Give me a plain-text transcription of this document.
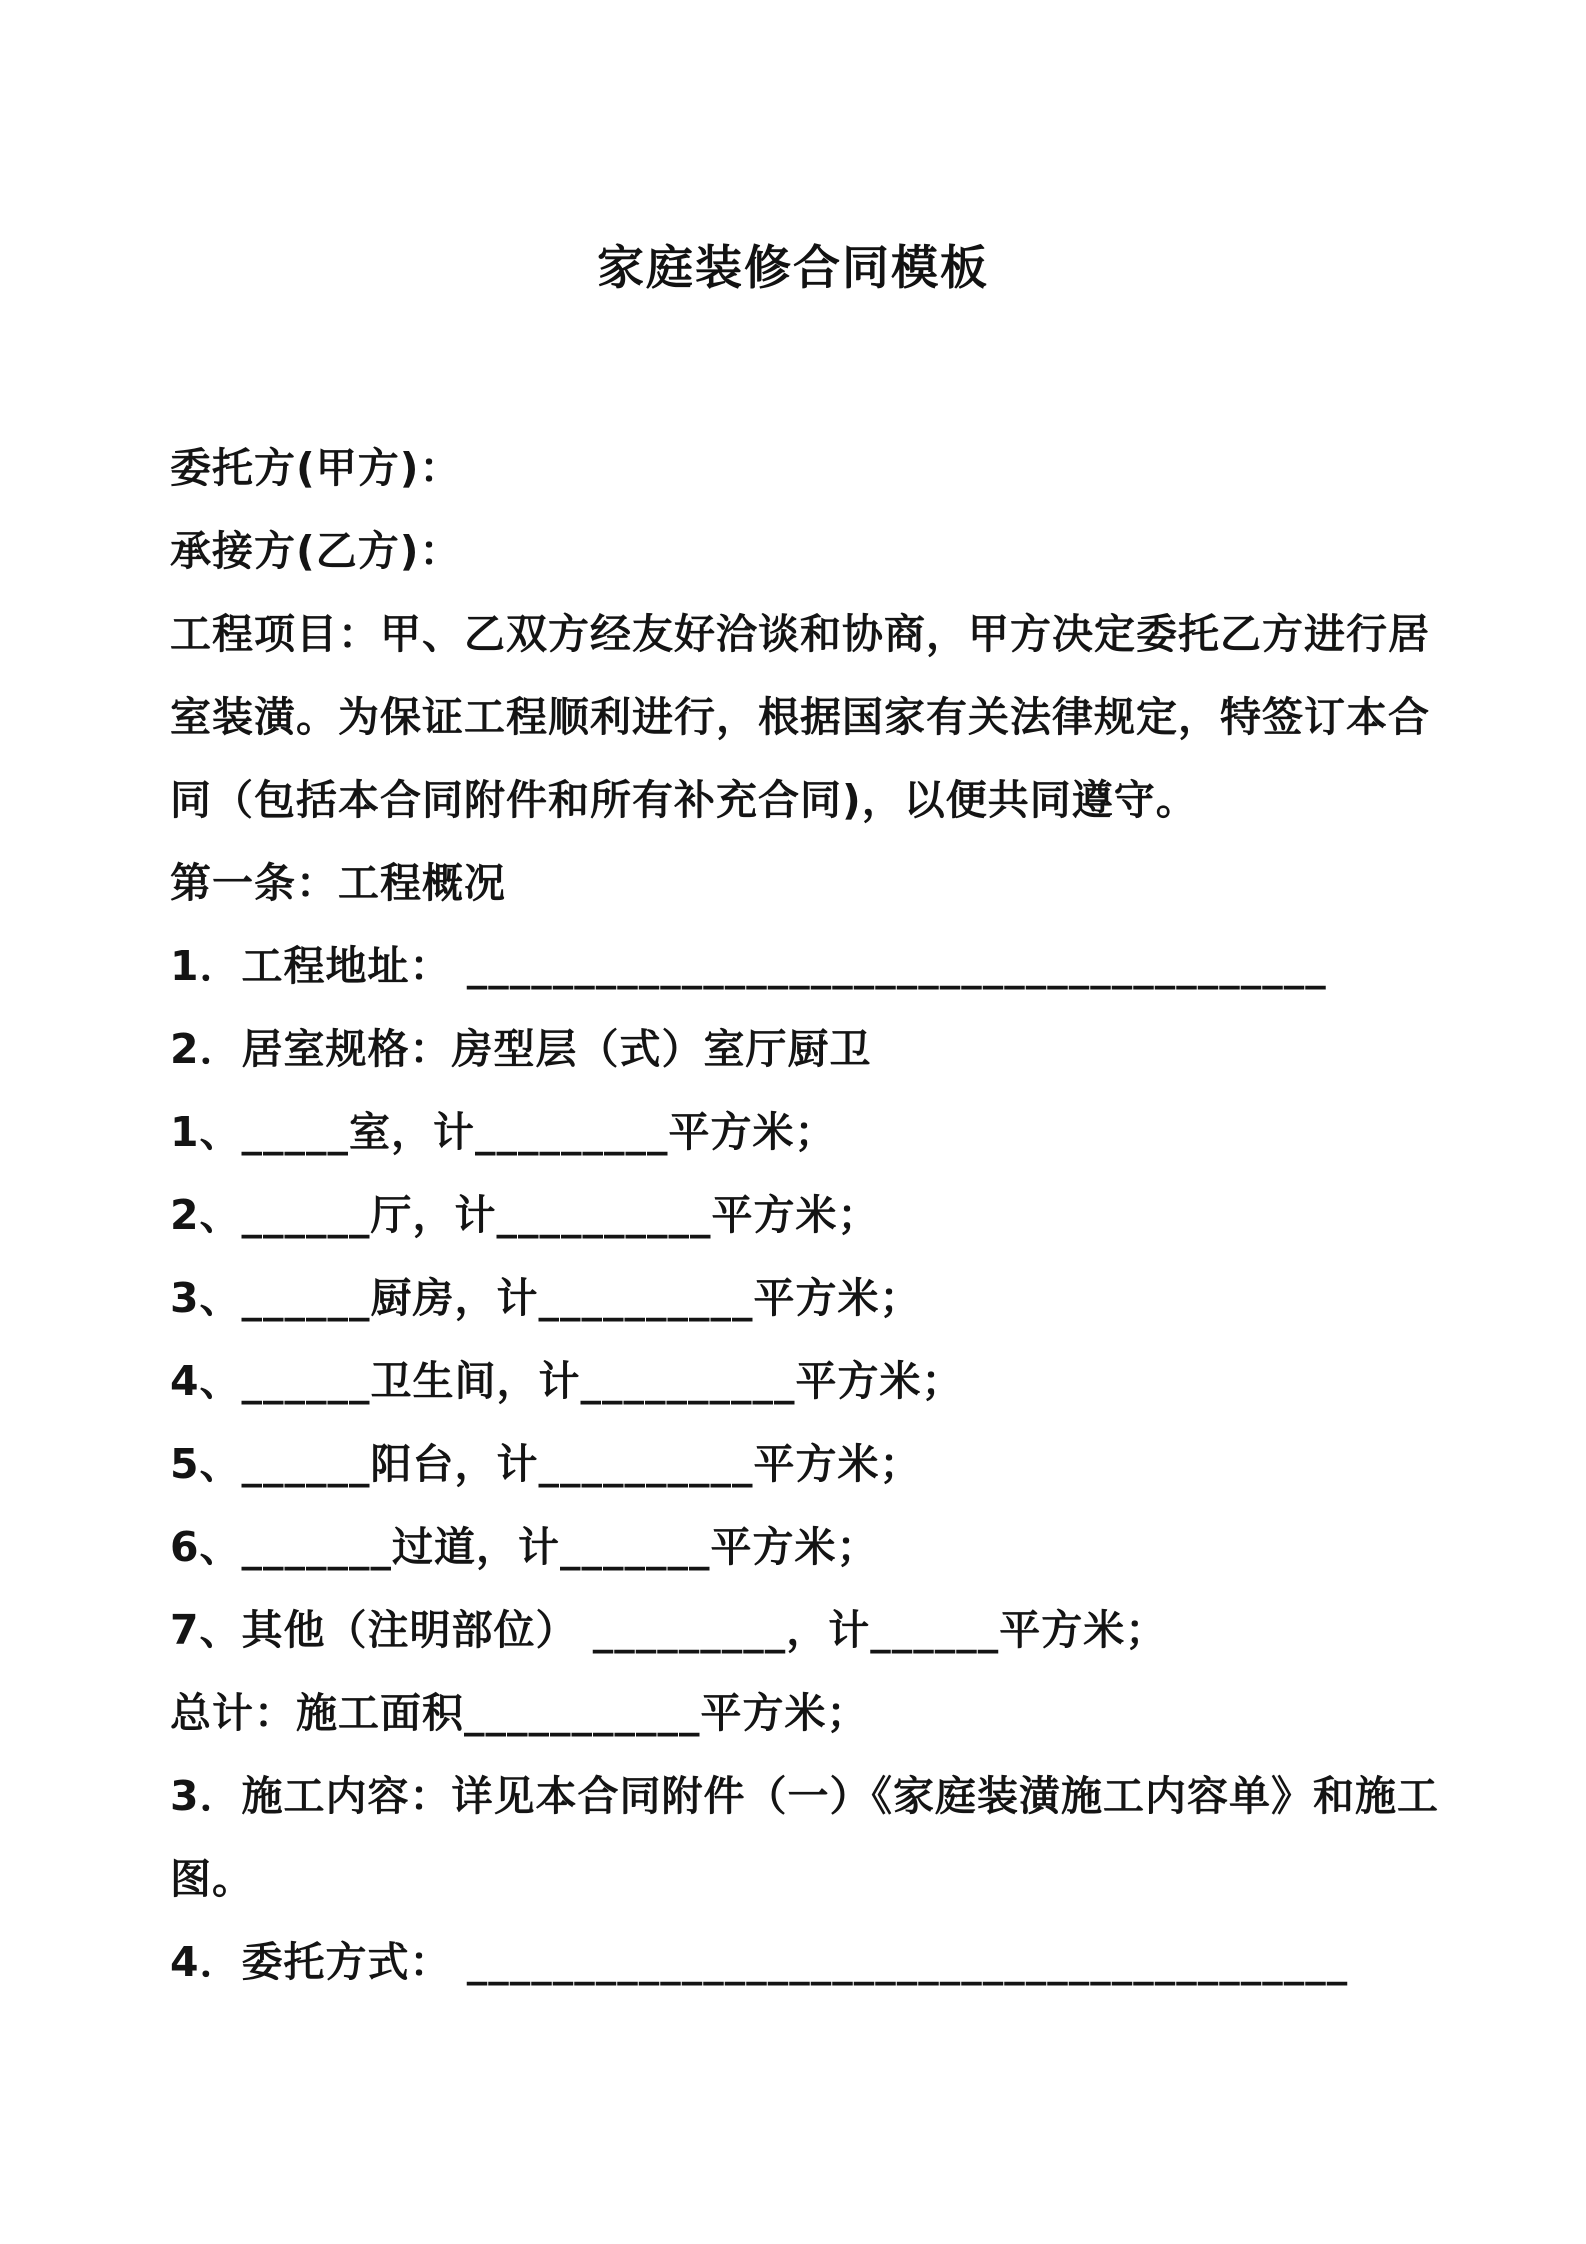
家庭装修合同模板
委托方(甲方)：
承接方(乙方)：
工程项目：甲、乙双方经友好洽谈和协商，甲方决定委托乙方进行居
室装潢。为保证工程顺利进行，根据国家有关法律规定，特签订本合
同（包括本合同附件和所有补充合同)，以便共同遵守。
第一条：工程概况
1．工程地址： ________________________________________
2．居室规格：房型层（式）室厅厨卫
1、_____室，计_________平方米；
2、______厅，计__________平方米；
3、______厨房，计__________平方米；
4、______卫生间，计__________平方米；
5、______阳台，计__________平方米；
6、_______过道，计_______平方米；
7、其他（注明部位） _________，计______平方米；
总计：施工面积___________平方米；
3．施工内容：详见本合同附件（一）《家庭装潢施工内容单》和施工
图。
4．委托方式： _________________________________________
